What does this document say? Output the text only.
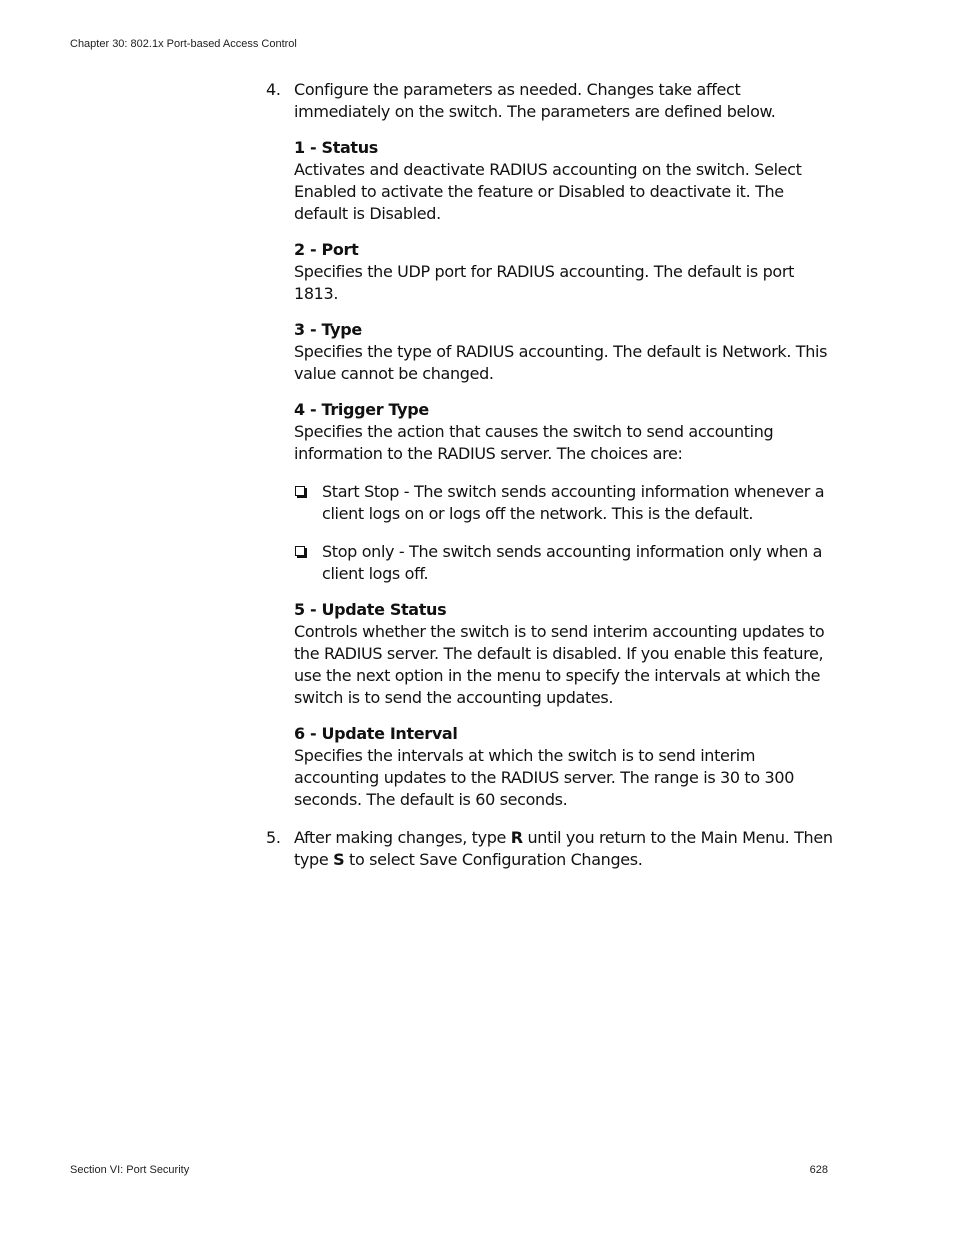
Chapter 30: 802.1x Port-based Access Control
4. Configure the parameters as needed. Changes take affect immediately on the switch. The parameters are defined below.

1 - Status
Activates and deactivate RADIUS accounting on the switch. Select Enabled to activate the feature or Disabled to deactivate it. The default is Disabled.
2 - Port
Specifies the UDP port for RADIUS accounting. The default is port 1813.
3 - Type
Specifies the type of RADIUS accounting. The default is Network. This value cannot be changed.
4 - Trigger Type
Specifies the action that causes the switch to send accounting information to the RADIUS server. The choices are:
Start Stop - The switch sends accounting information whenever a client logs on or logs off the network. This is the default.
Stop only - The switch sends accounting information only when a client logs off.
5 - Update Status
Controls whether the switch is to send interim accounting updates to the RADIUS server. The default is disabled. If you enable this feature, use the next option in the menu to specify the intervals at which the switch is to send the accounting updates.
6 - Update Interval
Specifies the intervals at which the switch is to send interim accounting updates to the RADIUS server. The range is 30 to 300 seconds. The default is 60 seconds.
5. After making changes, type R until you return to the Main Menu. Then type S to select Save Configuration Changes.

Section VI: Port Security	628
